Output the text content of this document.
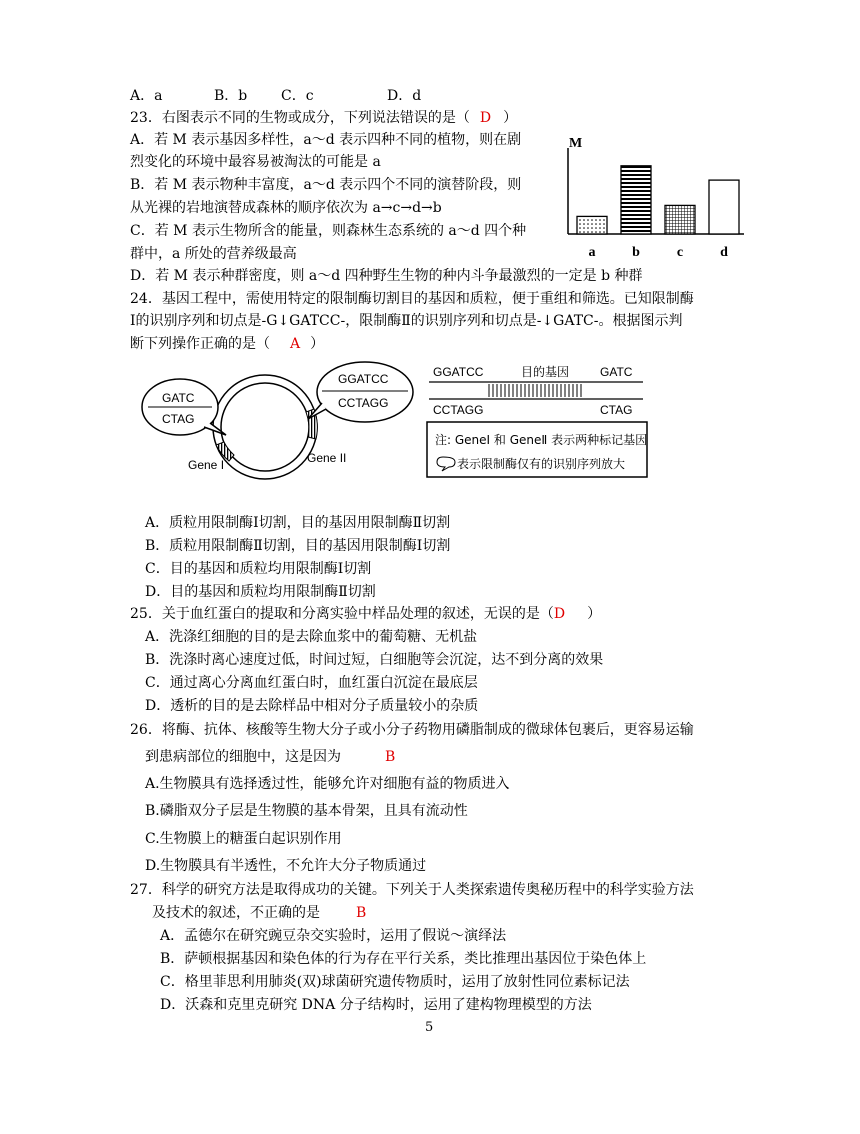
A．a	B．b C．c	D．d
23．右图表示不同的生物或成分，下列说法错误的是（ D ）
A．若 M 表示基因多样性，a～d 表示四种不同的植物，则在剧
烈变化的环境中最容易被淘汰的可能是 a
B．若 M 表示物种丰富度，a～d 表示四个不同的演替阶段，则
从光裸的岩地演替成森林的顺序依次为 a→c→d→b
C．若 M 表示生物所含的能量，则森林生态系统的 a～d 四个种
群中，a 所处的营养级最高
D．若 M 表示种群密度，则 a～d 四种野生生物的种内斗争最激烈的一定是 b 种群
M
a	b	c	d
24．基因工程中，需使用特定的限制酶切割目的基因和质粒，便于重组和筛选。已知限制酶
Ⅰ的识别序列和切点是-G↓GATCC-，限制酶Ⅱ的识别序列和切点是-↓GATC-。根据图示判
断下列操作正确的是（ A ）
GATC
CTAG
GGATCC
CCTAGG
Gene I	Gene II
GGATCC	目的基因	GATC
CCTAGG	CTAG
注: GeneⅠ 和 GeneⅡ 表示两种标记基因
表示限制酶仅有的识别序列放大
A．质粒用限制酶Ⅰ切割，目的基因用限制酶Ⅱ切割
B．质粒用限制酶Ⅱ切割，目的基因用限制酶Ⅰ切割
C．目的基因和质粒均用限制酶Ⅰ切割
D．目的基因和质粒均用限制酶Ⅱ切割
25．关于血红蛋白的提取和分离实验中样品处理的叙述，无误的是（D ）
A．洗涤红细胞的目的是去除血浆中的葡萄糖、无机盐
B．洗涤时离心速度过低，时间过短，白细胞等会沉淀，达不到分离的效果
C．通过离心分离血红蛋白时，血红蛋白沉淀在最底层
D．透析的目的是去除样品中相对分子质量较小的杂质
26．将酶、抗体、核酸等生物大分子或小分子药物用磷脂制成的微球体包裹后，更容易运输
到患病部位的细胞中，这是因为	B
A.生物膜具有选择透过性，能够允许对细胞有益的物质进入
B.磷脂双分子层是生物膜的基本骨架，且具有流动性
C.生物膜上的糖蛋白起识别作用
D.生物膜具有半透性，不允许大分子物质通过
27．科学的研究方法是取得成功的关键。下列关于人类探索遗传奥秘历程中的科学实验方法
及技术的叙述，不正确的是	B
A．孟德尔在研究豌豆杂交实验时，运用了假说～演绎法
B．萨顿根据基因和染色体的行为存在平行关系，类比推理出基因位于染色体上
C．格里菲思利用肺炎(双)球菌研究遗传物质时，运用了放射性同位素标记法
D．沃森和克里克研究 DNA 分子结构时，运用了建构物理模型的方法
5
